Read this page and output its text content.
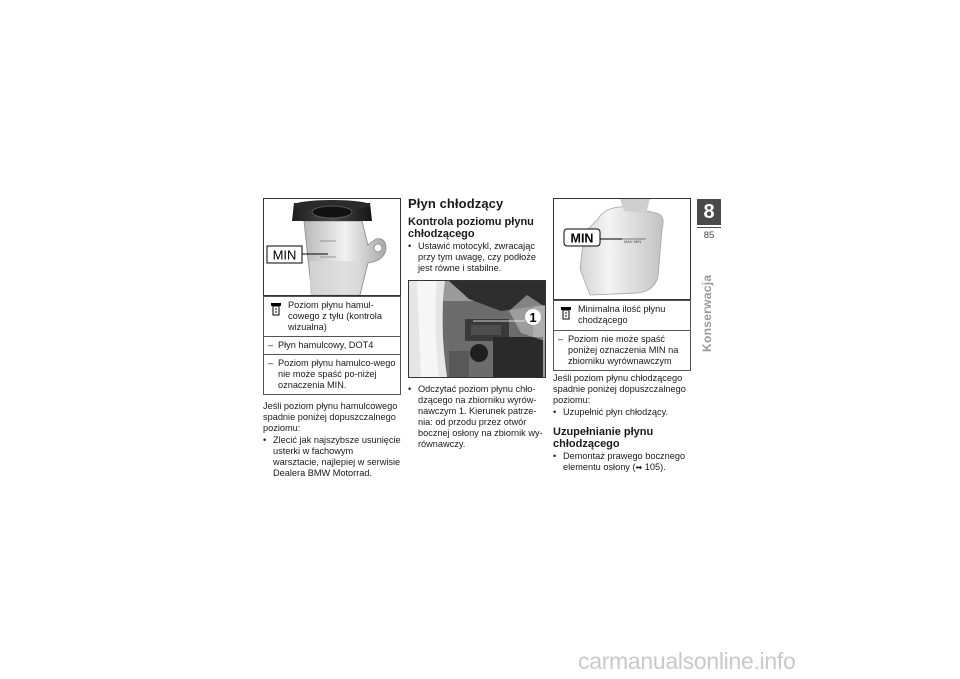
MIN
Poziom płynu hamul-cowego z tyłu (kontrola wizualna)
– Płyn hamulcowy, DOT4
– Poziom płynu hamulco-wego nie może spaść po-niżej oznaczenia MIN.

Jeśli poziom płynu hamulcowego spadnie poniżej dopuszczalnego poziomu:

• Zlecić jak najszybsze usunięcie usterki w fachowym warsztacie, najlepiej w serwisie Dealera BMW Motorrad.
Płyn chłodzący
Kontrola poziomu płynu chłodzącego
• Ustawić motocykl, zwracając przy tym uwagę, czy podłoże jest równe i stabilne.
1
• Odczytać poziom płynu chło-dzącego na zbiorniku wyrów-nawczym 1. Kierunek patrze-nia: od przodu przez otwór bocznej osłony na zbiornik wy-równawczy.
MAX MIN
MIN
Minimalna ilość płynu chodzącego
– Poziom nie może spaść poniżej oznaczenia MIN na zbiorniku wyrównawczym

Jeśli poziom płynu chłodzącego spadnie poniżej dopuszczalnego poziomu:

• Uzupełnić płyn chłodzący.
Uzupełnianie płynu chłodzącego
• Demontaż prawego bocznego elementu osłony (➡ 105).
8
85
Konserwacja
carmanualsonline.info
